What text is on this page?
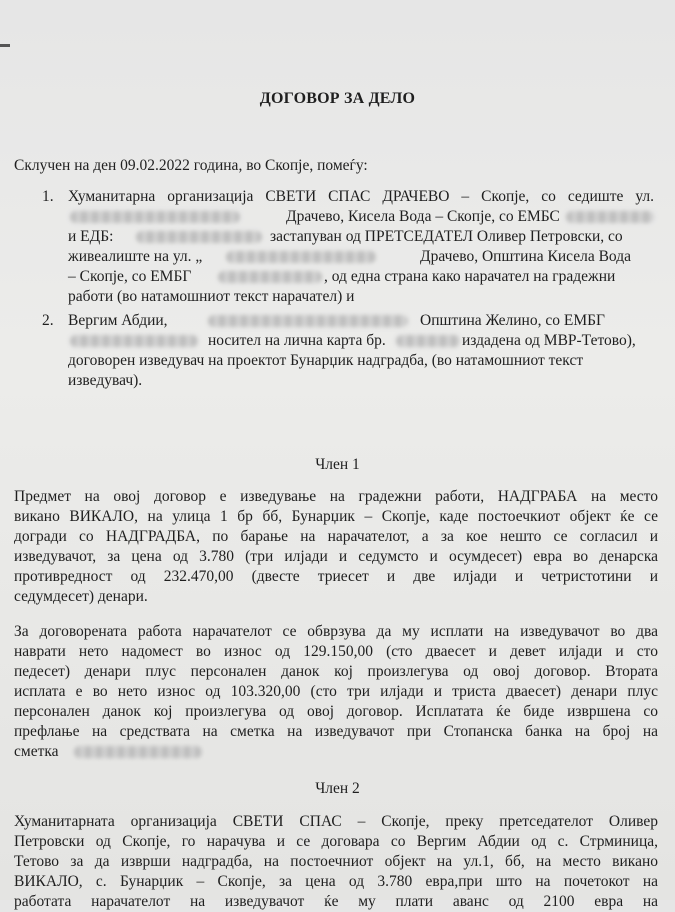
ДОГОВОР ЗА ДЕЛО
Склучен на ден 09.02.2022 година, во Скопје, помеѓу:
1. Хуманитарна организација СВЕТИ СПАС ДРАЧЕВО – Скопје, со седиште ул.
Драчево, Кисела Вода – Скопје, со ЕМБС
и ЕДБ:	застапуван од ПРЕТСЕДАТЕЛ Оливер Петровски, со
живеалиште на ул. „	Драчево, Општина Кисела Вода
– Скопје, со ЕМБГ	, од една страна како нарачател на градежни
работи (во натамошниот текст нарачател) и
2. Вергим Абдии,	Општина Желино, со ЕМБГ
носител на лична карта бр.	издадена од МВР-Тетово),
договорен изведувач на проектот Бунарџик надградба, (во натамошниот текст
изведувач).
Член 1
Предмет на овој договор е изведување на градежни работи, НАДГРАБА на место
викано ВИКАЛО, на улица 1 бр бб, Бунарџик – Скопје, каде постоечкиот објект ќе се
догради со НАДГРАДБА, по барање на нарачателот, а за кое нешто се согласил и
изведувачот, за цена од 3.780 (три илјади и седумсто и осумдесет) евра во денарска
противредност од 232.470,00 (двесте триесет и две илјади и четристотини и
седумдесет) денари.
За договорената работа нарачателот се обврзува да му исплати на изведувачот во два
наврати нето надомест во износ од 129.150,00 (сто дваесет и девет илјади и сто
педесет) денари плус персонален данок кој произлегува од овој договор. Втората
исплата е во нето износ од 103.320,00 (сто три илјади и триста дваесет) денари плус
персонален данок кој произлегува од овој договор. Исплатата ќе биде извршена со
префлање на средствата на сметка на изведувачот при Стопанска банка на број на
сметка
Член 2
Хуманитарната организација СВЕТИ СПАС – Скопје, преку претседателот Оливер
Петровски од Скопје, го нарачува и се договара со Вергим Абдии од с. Стрминица,
Тетово за да изврши надградба, на постоечниот објект на ул.1, бб, на место викано
ВИКАЛО, с. Бунарџик – Скопје, за цена од 3.780 евра,при што на почетокот на
работата нарачателот на изведувачот ќе му плати аванс од 2100 евра на
